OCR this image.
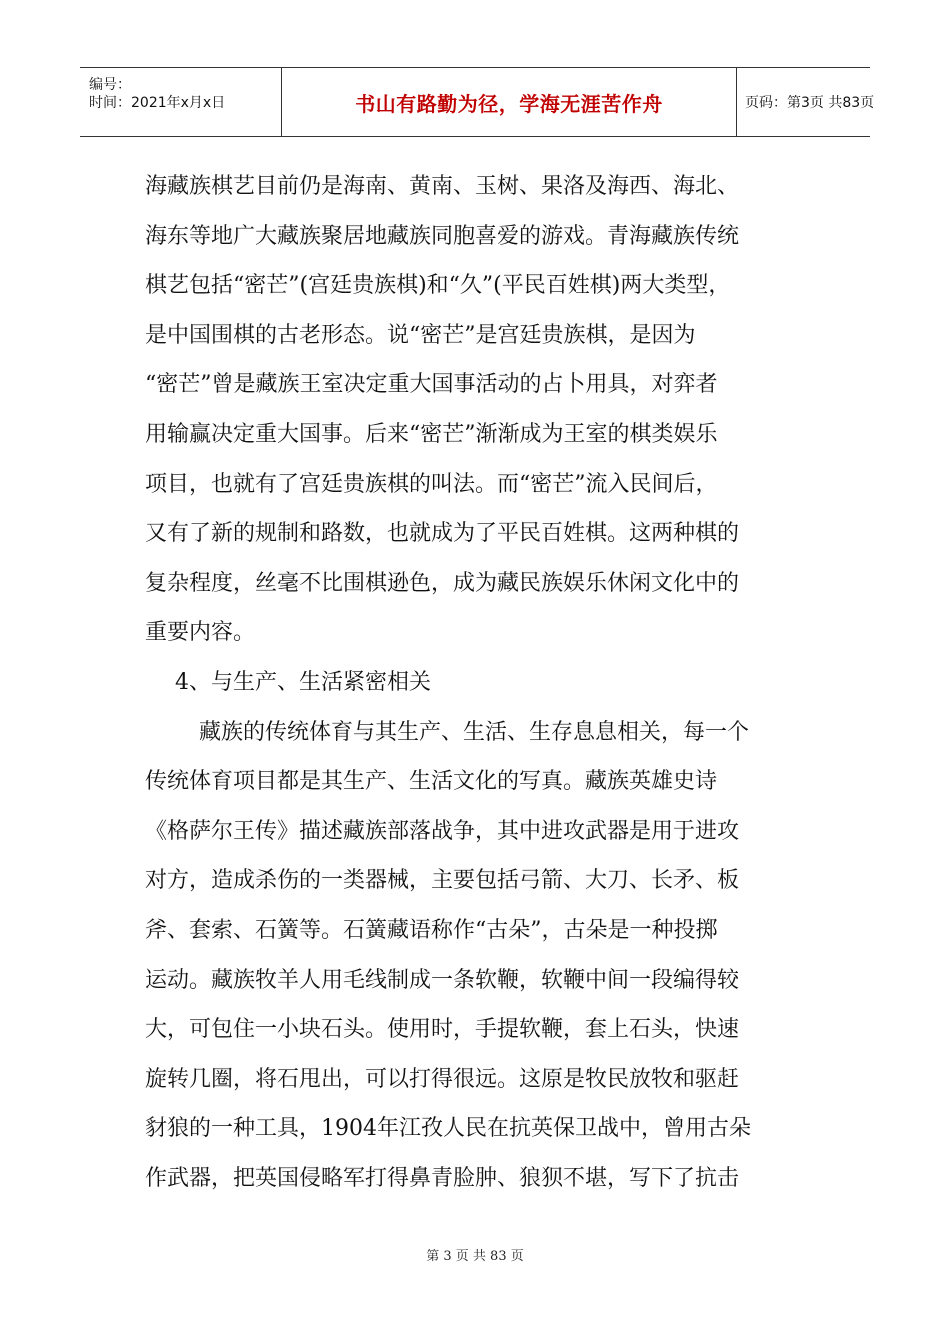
编号：
时间：2021年x月x日	书山有路勤为径，学海无涯苦作舟	页码：第3页 共83页
海藏族棋艺目前仍是海南、黄南、玉树、果洛及海西、海北、
海东等地广大藏族聚居地藏族同胞喜爱的游戏。青海藏族传统
棋艺包括“密芒”(宫廷贵族棋)和“久”(平民百姓棋)两大类型，
是中国围棋的古老形态。说“密芒”是宫廷贵族棋，是因为
“密芒”曾是藏族王室决定重大国事活动的占卜用具，对弈者
用输赢决定重大国事。后来“密芒”渐渐成为王室的棋类娱乐
项目，也就有了宫廷贵族棋的叫法。而“密芒”流入民间后，
又有了新的规制和路数，也就成为了平民百姓棋。这两种棋的
复杂程度，丝毫不比围棋逊色，成为藏民族娱乐休闲文化中的
重要内容。
4、与生产、生活紧密相关
藏族的传统体育与其生产、生活、生存息息相关，每一个
传统体育项目都是其生产、生活文化的写真。藏族英雄史诗
《格萨尔王传》描述藏族部落战争，其中进攻武器是用于进攻
对方，造成杀伤的一类器械，主要包括弓箭、大刀、长矛、板
斧、套索、石簧等。石簧藏语称作“古朵”，古朵是一种投掷
运动。藏族牧羊人用毛线制成一条软鞭，软鞭中间一段编得较
大，可包住一小块石头。使用时，手提软鞭，套上石头，快速
旋转几圈，将石甩出，可以打得很远。这原是牧民放牧和驱赶
豺狼的一种工具，1904年江孜人民在抗英保卫战中，曾用古朵
作武器，把英国侵略军打得鼻青脸肿、狼狈不堪，写下了抗击
第 3 页 共 83 页
